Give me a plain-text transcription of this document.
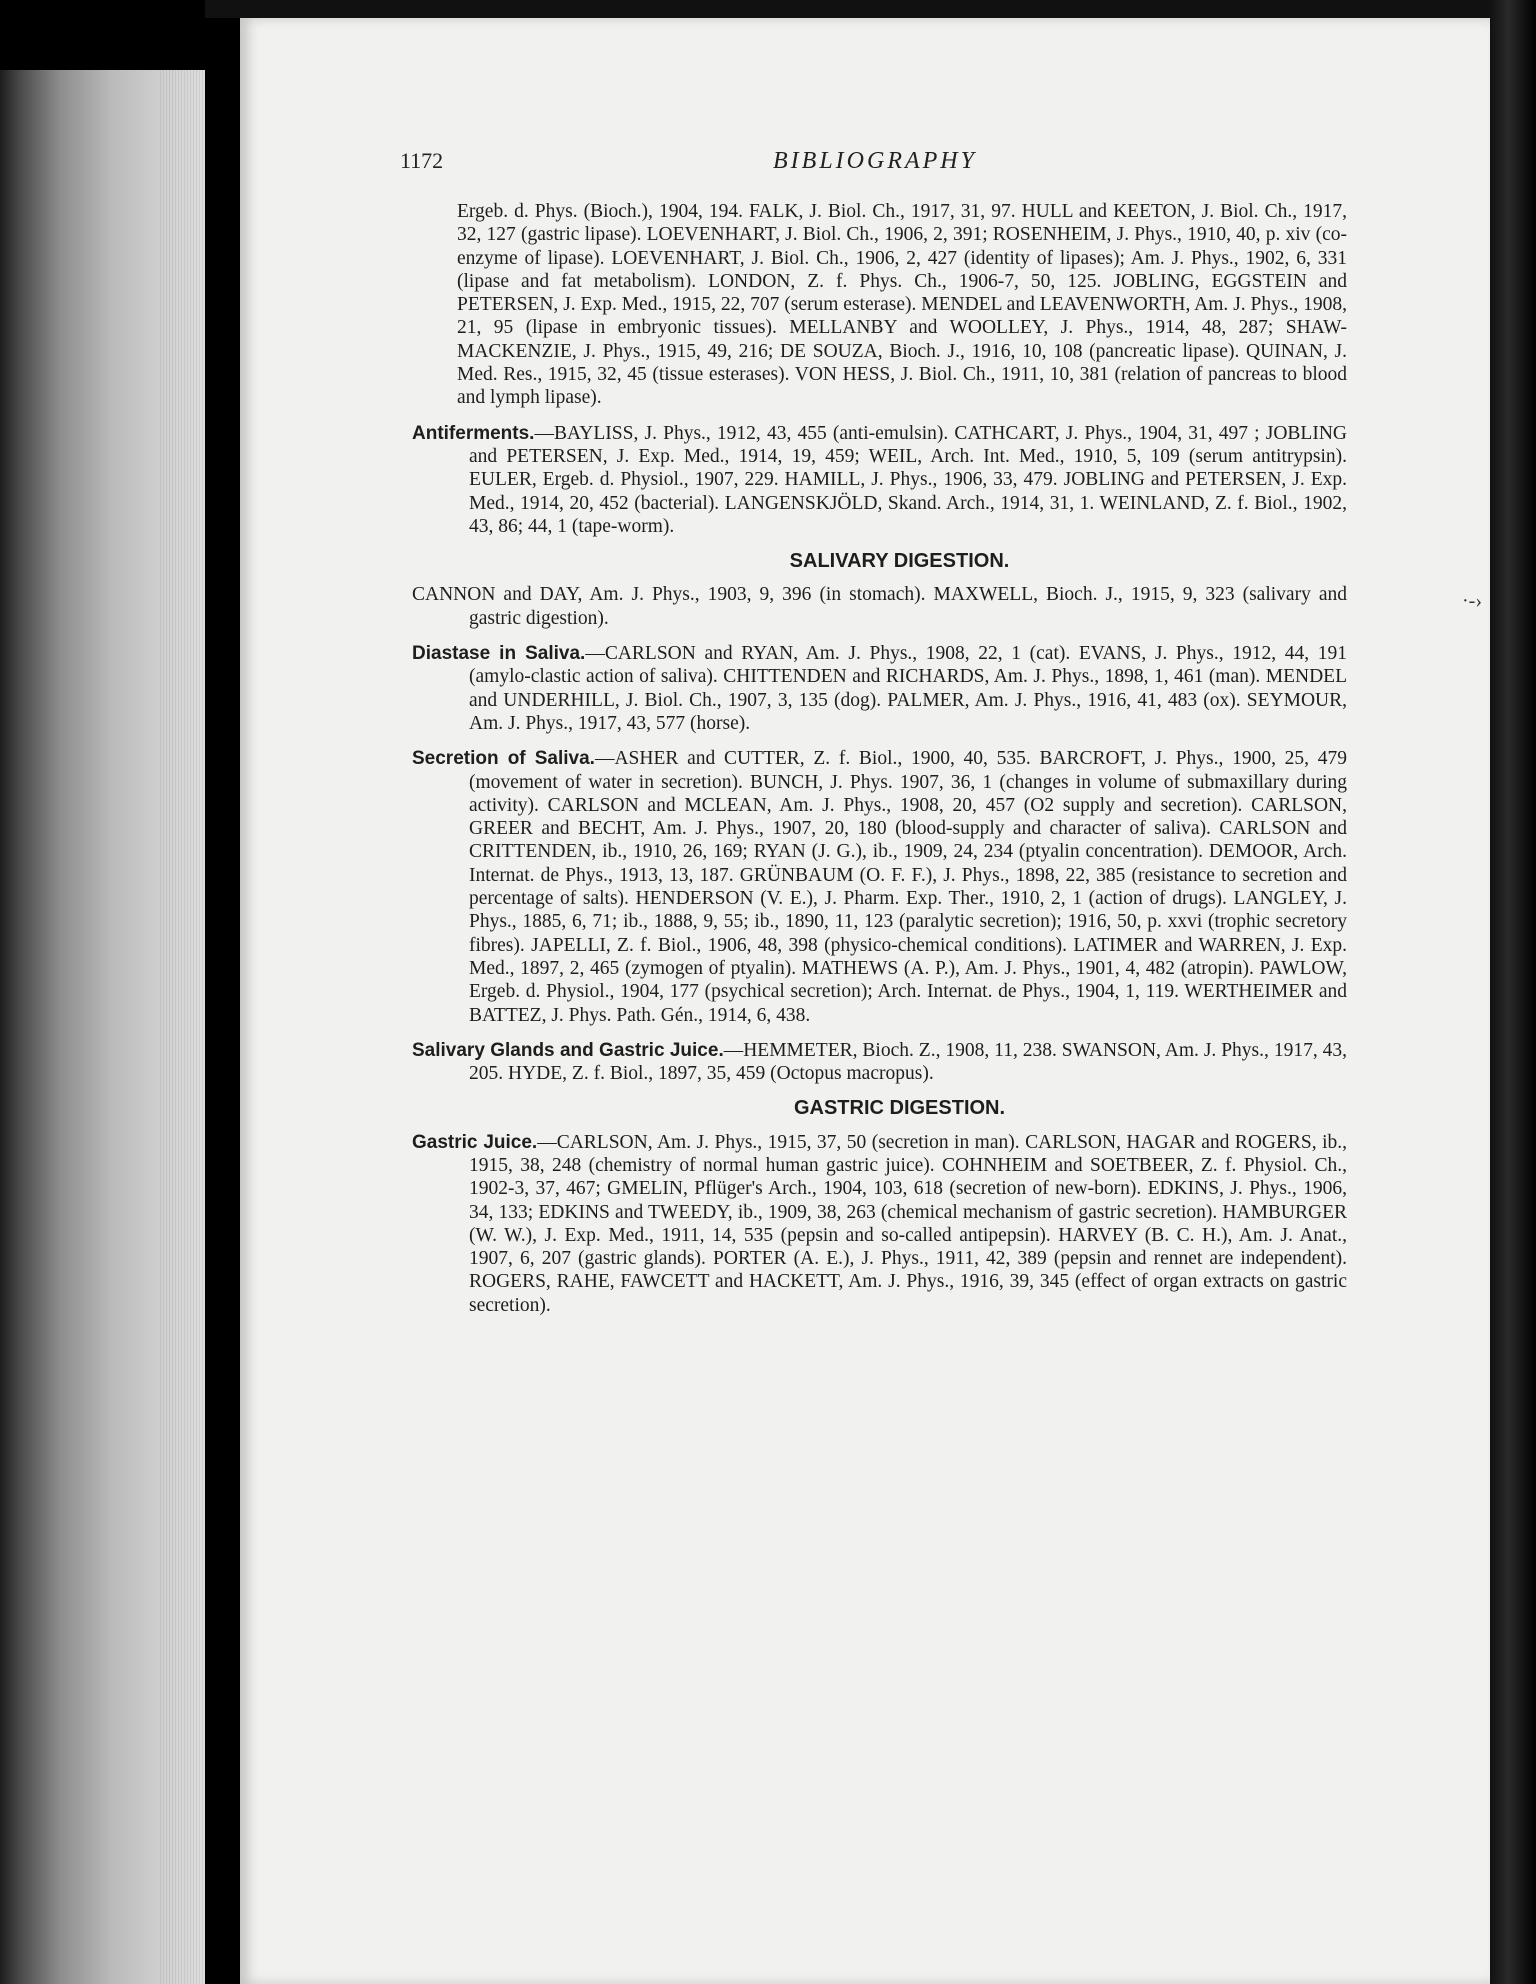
1172	BIBLIOGRAPHY
·-›

Ergeb. d. Phys. (Bioch.), 1904, 194. FALK, J. Biol. Ch., 1917, 31, 97. HULL and KEETON, J. Biol. Ch., 1917, 32, 127 (gastric lipase). LOEVENHART, J. Biol. Ch., 1906, 2, 391; ROSENHEIM, J. Phys., 1910, 40, p. xiv (co-enzyme of lipase). LOEVENHART, J. Biol. Ch., 1906, 2, 427 (identity of lipases); Am. J. Phys., 1902, 6, 331 (lipase and fat metabolism). LONDON, Z. f. Phys. Ch., 1906-7, 50, 125. JOBLING, EGGSTEIN and PETERSEN, J. Exp. Med., 1915, 22, 707 (serum esterase). MENDEL and LEAVENWORTH, Am. J. Phys., 1908, 21, 95 (lipase in embryonic tissues). MELLANBY and WOOLLEY, J. Phys., 1914, 48, 287; SHAW-MACKENZIE, J. Phys., 1915, 49, 216; DE SOUZA, Bioch. J., 1916, 10, 108 (pancreatic lipase). QUINAN, J. Med. Res., 1915, 32, 45 (tissue esterases). VON HESS, J. Biol. Ch., 1911, 10, 381 (relation of pancreas to blood and lymph lipase).

Antiferments.—BAYLISS, J. Phys., 1912, 43, 455 (anti-emulsin). CATHCART, J. Phys., 1904, 31, 497 ; JOBLING and PETERSEN, J. Exp. Med., 1914, 19, 459; WEIL, Arch. Int. Med., 1910, 5, 109 (serum antitrypsin). EULER, Ergeb. d. Physiol., 1907, 229. HAMILL, J. Phys., 1906, 33, 479. JOBLING and PETERSEN, J. Exp. Med., 1914, 20, 452 (bacterial). LANGENSKJÖLD, Skand. Arch., 1914, 31, 1. WEINLAND, Z. f. Biol., 1902, 43, 86; 44, 1 (tape-worm).

SALIVARY DIGESTION.

CANNON and DAY, Am. J. Phys., 1903, 9, 396 (in stomach). MAXWELL, Bioch. J., 1915, 9, 323 (salivary and gastric digestion).

Diastase in Saliva.—CARLSON and RYAN, Am. J. Phys., 1908, 22, 1 (cat). EVANS, J. Phys., 1912, 44, 191 (amylo-clastic action of saliva). CHITTENDEN and RICHARDS, Am. J. Phys., 1898, 1, 461 (man). MENDEL and UNDERHILL, J. Biol. Ch., 1907, 3, 135 (dog). PALMER, Am. J. Phys., 1916, 41, 483 (ox). SEYMOUR, Am. J. Phys., 1917, 43, 577 (horse).

Secretion of Saliva.—ASHER and CUTTER, Z. f. Biol., 1900, 40, 535. BARCROFT, J. Phys., 1900, 25, 479 (movement of water in secretion). BUNCH, J. Phys. 1907, 36, 1 (changes in volume of submaxillary during activity). CARLSON and MCLEAN, Am. J. Phys., 1908, 20, 457 (O2 supply and secretion). CARLSON, GREER and BECHT, Am. J. Phys., 1907, 20, 180 (blood-supply and character of saliva). CARLSON and CRITTENDEN, ib., 1910, 26, 169; RYAN (J. G.), ib., 1909, 24, 234 (ptyalin concentration). DEMOOR, Arch. Internat. de Phys., 1913, 13, 187. GRÜNBAUM (O. F. F.), J. Phys., 1898, 22, 385 (resistance to secretion and percentage of salts). HENDERSON (V. E.), J. Pharm. Exp. Ther., 1910, 2, 1 (action of drugs). LANGLEY, J. Phys., 1885, 6, 71; ib., 1888, 9, 55; ib., 1890, 11, 123 (paralytic secretion); 1916, 50, p. xxvi (trophic secretory fibres). JAPELLI, Z. f. Biol., 1906, 48, 398 (physico-chemical conditions). LATIMER and WARREN, J. Exp. Med., 1897, 2, 465 (zymogen of ptyalin). MATHEWS (A. P.), Am. J. Phys., 1901, 4, 482 (atropin). PAWLOW, Ergeb. d. Physiol., 1904, 177 (psychical secretion); Arch. Internat. de Phys., 1904, 1, 119. WERTHEIMER and BATTEZ, J. Phys. Path. Gén., 1914, 6, 438.

Salivary Glands and Gastric Juice.—HEMMETER, Bioch. Z., 1908, 11, 238. SWANSON, Am. J. Phys., 1917, 43, 205. HYDE, Z. f. Biol., 1897, 35, 459 (Octopus macropus).

GASTRIC DIGESTION.

Gastric Juice.—CARLSON, Am. J. Phys., 1915, 37, 50 (secretion in man). CARLSON, HAGAR and ROGERS, ib., 1915, 38, 248 (chemistry of normal human gastric juice). COHNHEIM and SOETBEER, Z. f. Physiol. Ch., 1902-3, 37, 467; GMELIN, Pflüger's Arch., 1904, 103, 618 (secretion of new-born). EDKINS, J. Phys., 1906, 34, 133; EDKINS and TWEEDY, ib., 1909, 38, 263 (chemical mechanism of gastric secretion). HAMBURGER (W. W.), J. Exp. Med., 1911, 14, 535 (pepsin and so-called antipepsin). HARVEY (B. C. H.), Am. J. Anat., 1907, 6, 207 (gastric glands). PORTER (A. E.), J. Phys., 1911, 42, 389 (pepsin and rennet are independent). ROGERS, RAHE, FAWCETT and HACKETT, Am. J. Phys., 1916, 39, 345 (effect of organ extracts on gastric secretion).
